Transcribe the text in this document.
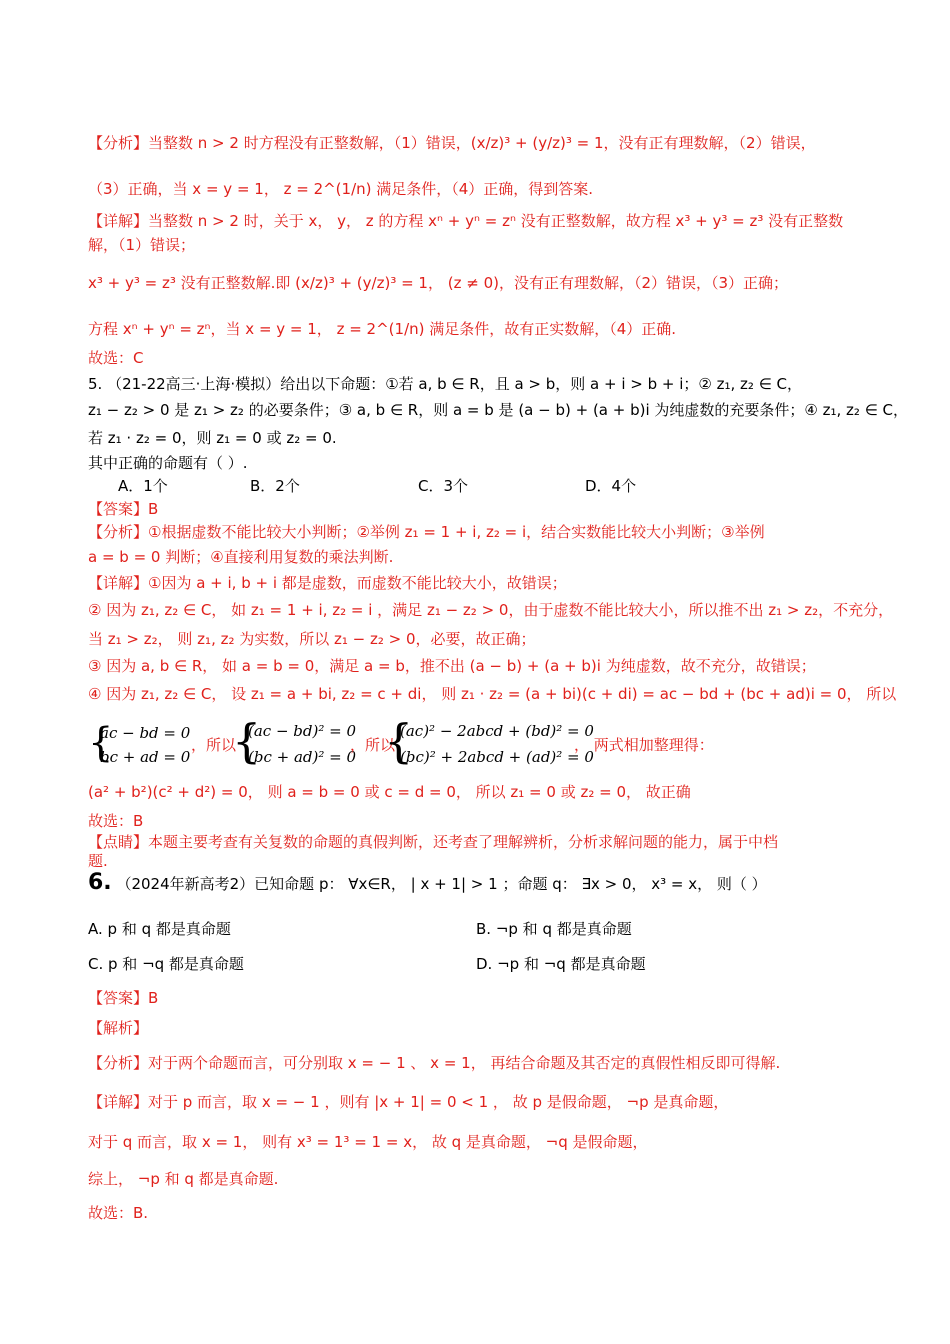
【分析】当整数 n > 2 时方程没有正整数解，（1）错误，(x/z)³ + (y/z)³ = 1，没有正有理数解，（2）错误，
（3）正确，当 x = y = 1， z = 2^(1/n) 满足条件，（4）正确，得到答案.
【详解】当整数 n > 2 时，关于 x， y， z 的方程 xⁿ + yⁿ = zⁿ 没有正整数解，故方程 x³ + y³ = z³ 没有正整数
解，（1）错误；
x³ + y³ = z³ 没有正整数解.即 (x/z)³ + (y/z)³ = 1， (z ≠ 0)，没有正有理数解，（2）错误，（3）正确；
方程 xⁿ + yⁿ = zⁿ，当 x = y = 1， z = 2^(1/n) 满足条件，故有正实数解，（4）正确.
故选：C
5. （21-22高三·上海·模拟）给出以下命题：①若 a, b ∈ R，且 a > b，则 a + i > b + i；② z₁, z₂ ∈ C，
z₁ − z₂ > 0 是 z₁ > z₂ 的必要条件；③ a, b ∈ R，则 a = b 是 (a − b) + (a + b)i 为纯虚数的充要条件；④ z₁, z₂ ∈ C，
若 z₁ · z₂ = 0，则 z₁ = 0 或 z₂ = 0.
其中正确的命题有（ ）.
A．1个	B．2个	C．3个	D．4个
【答案】B
【分析】①根据虚数不能比较大小判断；②举例 z₁ = 1 + i, z₂ = i，结合实数能比较大小判断；③举例
a = b = 0 判断；④直接利用复数的乘法判断.
【详解】①因为 a + i, b + i 都是虚数，而虚数不能比较大小，故错误；
② 因为 z₁, z₂ ∈ C， 如 z₁ = 1 + i, z₂ = i ，满足 z₁ − z₂ > 0，由于虚数不能比较大小，所以推不出 z₁ > z₂，不充分，
当 z₁ > z₂， 则 z₁, z₂ 为实数，所以 z₁ − z₂ > 0，必要，故正确；
③ 因为 a, b ∈ R， 如 a = b = 0，满足 a = b，推不出 (a − b) + (a + b)i 为纯虚数，故不充分，故错误；
④ 因为 z₁, z₂ ∈ C， 设 z₁ = a + bi, z₂ = c + di， 则 z₁ · z₂ = (a + bi)(c + di) = ac − bd + (bc + ad)i = 0， 所以
{
ac − bd = 0
bc + ad = 0
，所以
{
(ac − bd)² = 0
(bc + ad)² = 0
，所以
{
(ac)² − 2abcd + (bd)² = 0
(bc)² + 2abcd + (ad)² = 0
， 两式相加整理得：
(a² + b²)(c² + d²) = 0， 则 a = b = 0 或 c = d = 0， 所以 z₁ = 0 或 z₂ = 0， 故正确
故选：B
【点睛】本题主要考查有关复数的命题的真假判断，还考查了理解辨析，分析求解问题的能力，属于中档
题.
6. （2024年新高考2）已知命题 p： ∀x∈R， | x + 1| > 1 ；命题 q： ∃x > 0， x³ = x， 则（ ）
A. p 和 q 都是真命题	B. ¬p 和 q 都是真命题
C. p 和 ¬q 都是真命题	D. ¬p 和 ¬q 都是真命题
【答案】B
【解析】
【分析】对于两个命题而言，可分别取 x = − 1 、 x = 1， 再结合命题及其否定的真假性相反即可得解.
【详解】对于 p 而言，取 x = − 1 ，则有 |x + 1| = 0 < 1 ， 故 p 是假命题， ¬p 是真命题，
对于 q 而言，取 x = 1， 则有 x³ = 1³ = 1 = x， 故 q 是真命题， ¬q 是假命题，
综上， ¬p 和 q 都是真命题.
故选：B.
